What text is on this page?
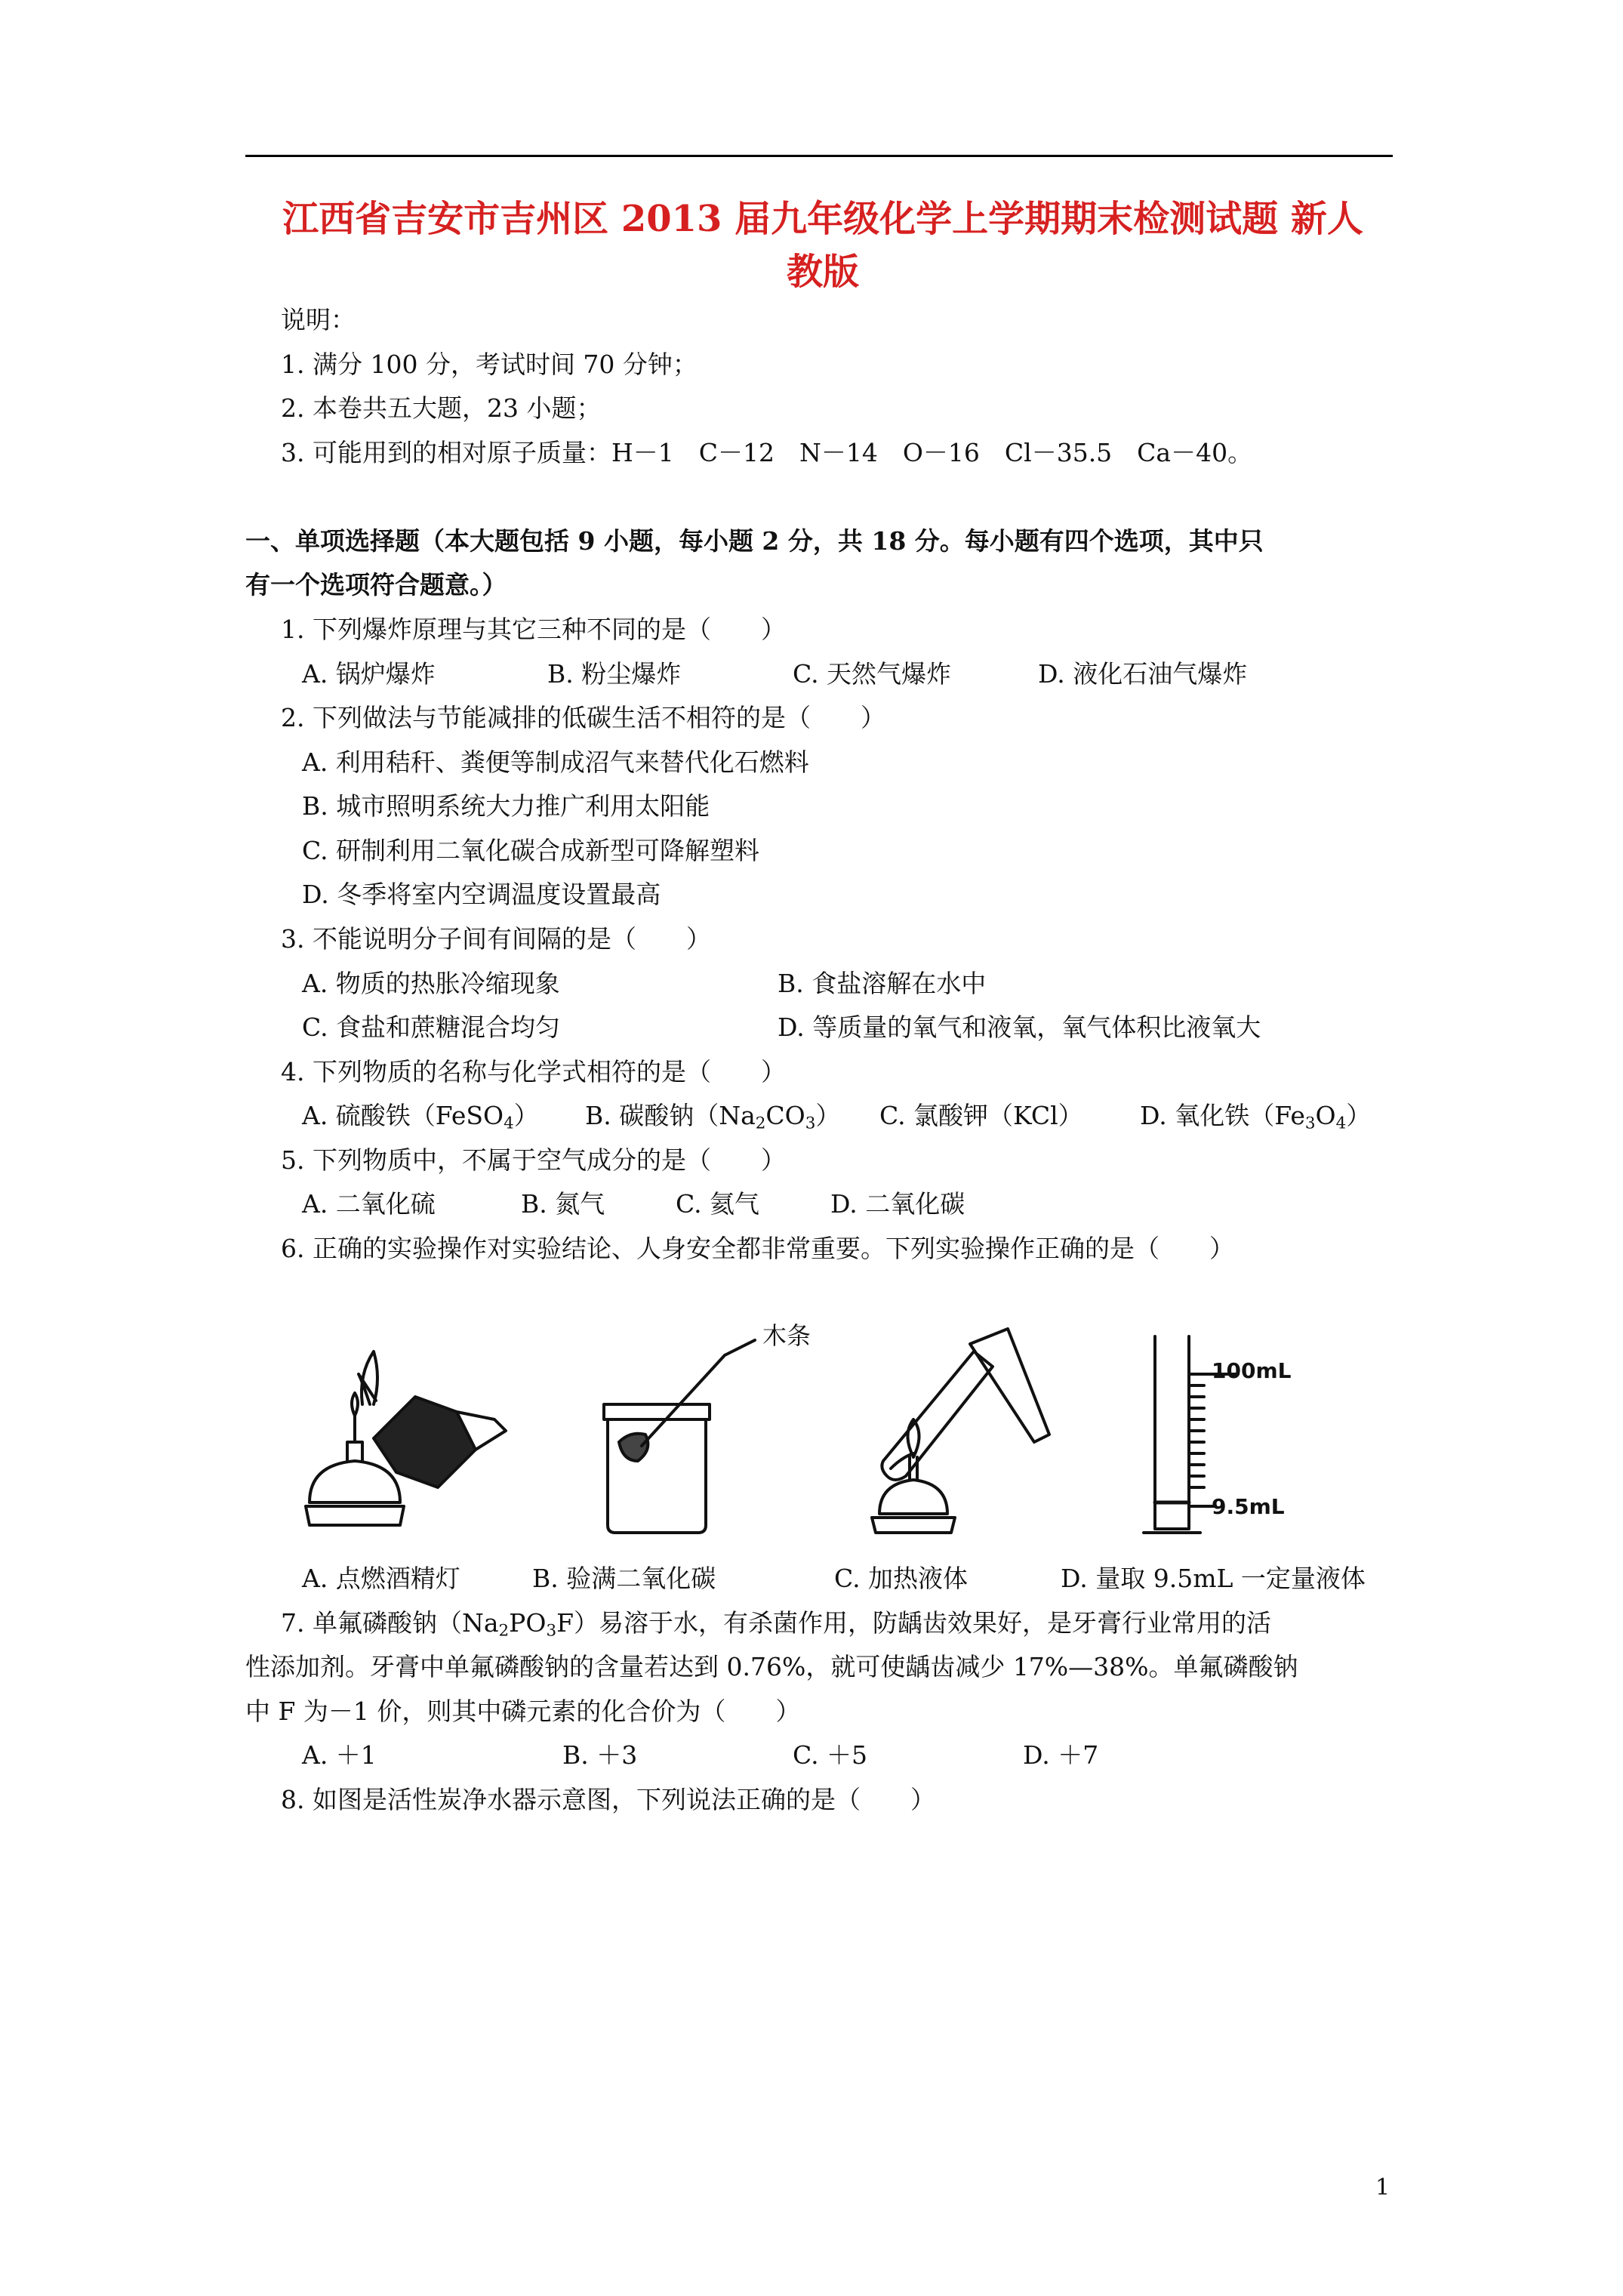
江西省吉安市吉州区 2013 届九年级化学上学期期末检测试题 新人
教版
说明：
1. 满分 100 分，考试时间 70 分钟；
2. 本卷共五大题，23 小题；
3. 可能用到的相对原子质量：H－1　C－12　N－14　O－16　Cl－35.5　Ca－40。
一、单项选择题（本大题包括 9 小题，每小题 2 分，共 18 分。每小题有四个选项，其中只
有一个选项符合题意。）
1. 下列爆炸原理与其它三种不同的是（　　）
A. 锅炉爆炸	B. 粉尘爆炸	C. 天然气爆炸	D. 液化石油气爆炸
2. 下列做法与节能减排的低碳生活不相符的是（　　）
A. 利用秸秆、粪便等制成沼气来替代化石燃料
B. 城市照明系统大力推广利用太阳能
C. 研制利用二氧化碳合成新型可降解塑料
D. 冬季将室内空调温度设置最高
3. 不能说明分子间有间隔的是（　　）
A. 物质的热胀冷缩现象	B. 食盐溶解在水中
C. 食盐和蔗糖混合均匀	D. 等质量的氧气和液氧，氧气体积比液氧大
4. 下列物质的名称与化学式相符的是（　　）
A. 硫酸铁（FeSO$_4$） B. 碳酸钠$(Na_2CO_3)$ C. 氯酸钾（KCl） D. 氧化铁$(Fe_3O_4)$
5. 下列物质中，不属于空气成分的是（　　）
A. 二氧化硫	B. 氮气	C. 氦气	D. 二氧化碳
6. 正确的实验操作对实验结论、人身安全都非常重要。下列实验操作正确的是（　　）
木条
100mL
9.5mL
A. 点燃酒精灯	B. 验满二氧化碳	C. 加热液体	D. 量取 9.5mL 一定量液体
7. 单氟磷酸钠$(Na_2PO_3F)$易溶于水，有杀菌作用，防龋齿效果好，是牙膏行业常用的活
性添加剂。牙膏中单氟磷酸钠的含量若达到 0.76%，就可使龋齿减少 17%—38%。单氟磷酸钠
中 F 为－1 价，则其中磷元素的化合价为（　　）
A. ＋1	B. ＋3	C. ＋5	D. ＋7
8. 如图是活性炭净水器示意图，下列说法正确的是（　　）
1
